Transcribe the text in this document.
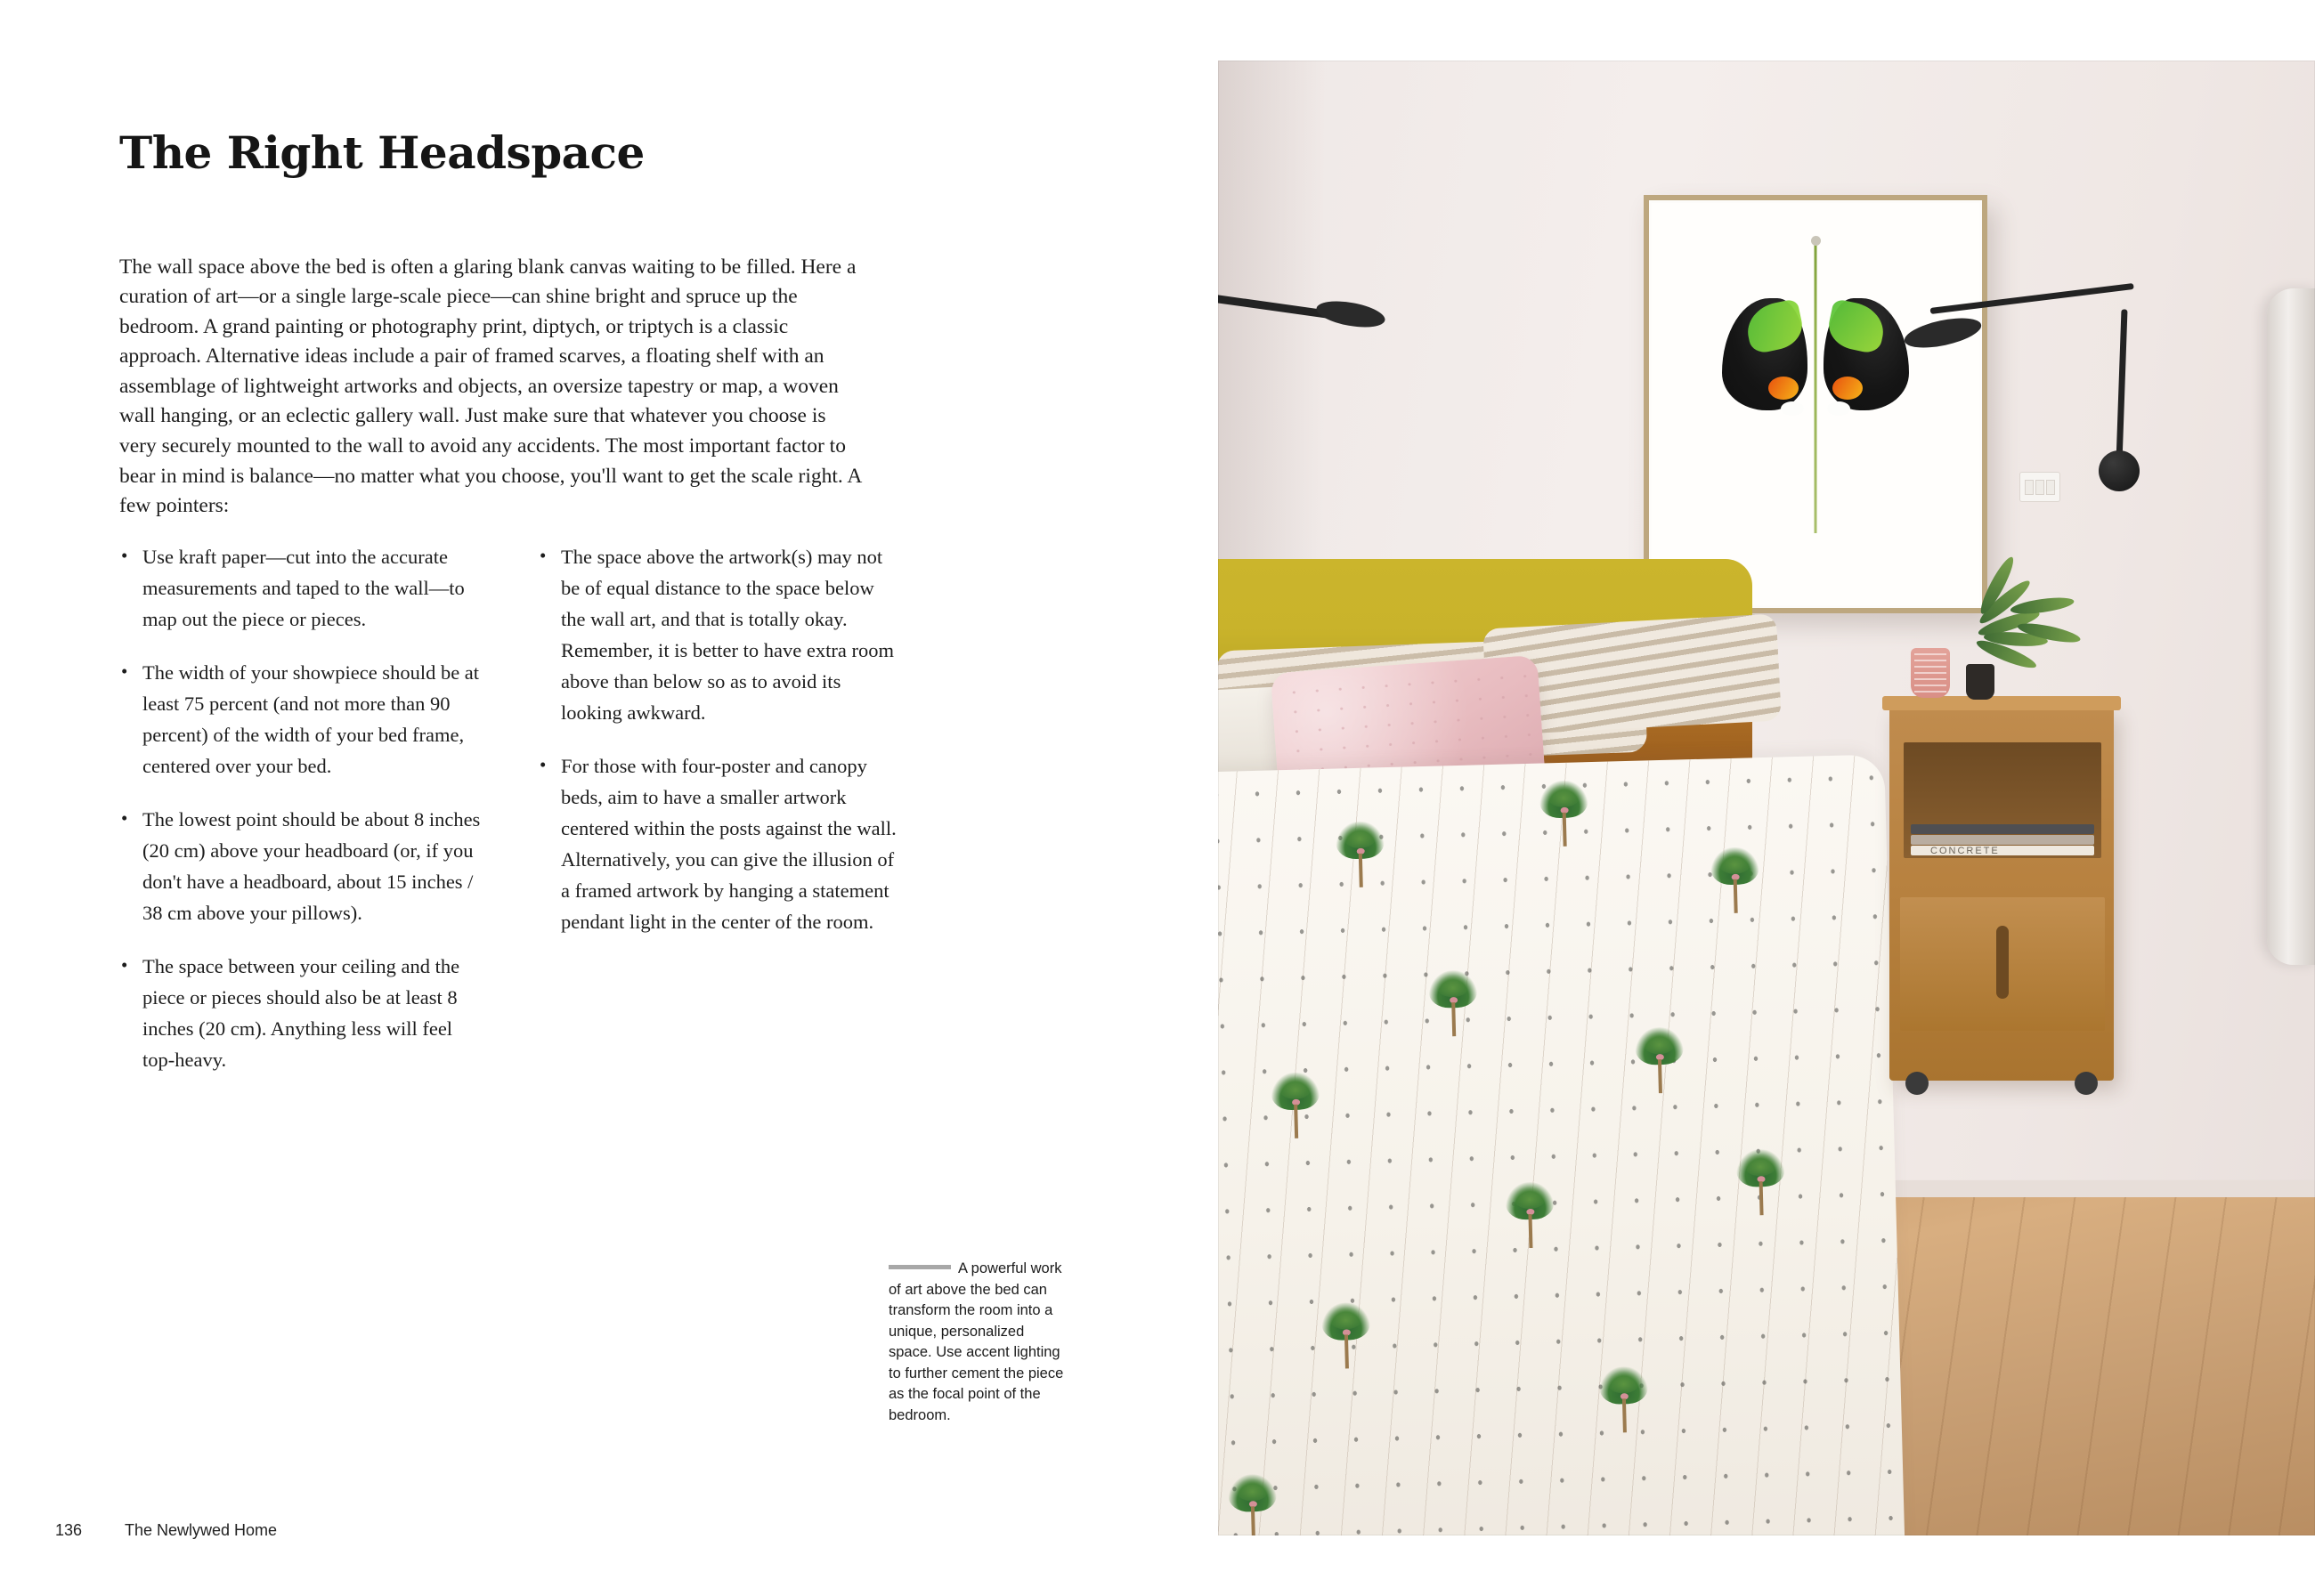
The Right Headspace

The wall space above the bed is often a glaring blank canvas waiting to be filled. Here a curation of art—or a single large-scale piece—can shine bright and spruce up the bedroom. A grand painting or photography print, diptych, or triptych is a classic approach. Alternative ideas include a pair of framed scarves, a floating shelf with an assemblage of lightweight artworks and objects, an oversize tapestry or map, a woven wall hanging, or an eclectic gallery wall. Just make sure that whatever you choose is very securely mounted to the wall to avoid any accidents. The most important factor to bear in mind is balance—no matter what you choose, you'll want to get the scale right. A few pointers:

• Use kraft paper—cut into the accurate measurements and taped to the wall—to map out the piece or pieces.
• The width of your showpiece should be at least 75 percent (and not more than 90 percent) of the width of your bed frame, centered over your bed.
• The lowest point should be about 8 inches (20 cm) above your headboard (or, if you don't have a headboard, about 15 inches / 38 cm above your pillows).
• The space between your ceiling and the piece or pieces should also be at least 8 inches (20 cm). Anything less will feel top-heavy.
• The space above the artwork(s) may not be of equal distance to the space below the wall art, and that is totally okay. Remember, it is better to have extra room above than below so as to avoid its looking awkward.
• For those with four-poster and canopy beds, aim to have a smaller artwork centered within the posts against the wall. Alternatively, you can give the illusion of a framed artwork by hanging a statement pendant light in the center of the room.
A powerful work of art above the bed can transform the room into a unique, personalized space. Use accent lighting to further cement the piece as the focal point of the bedroom.
136	The Newlywed Home
CONCRETE
